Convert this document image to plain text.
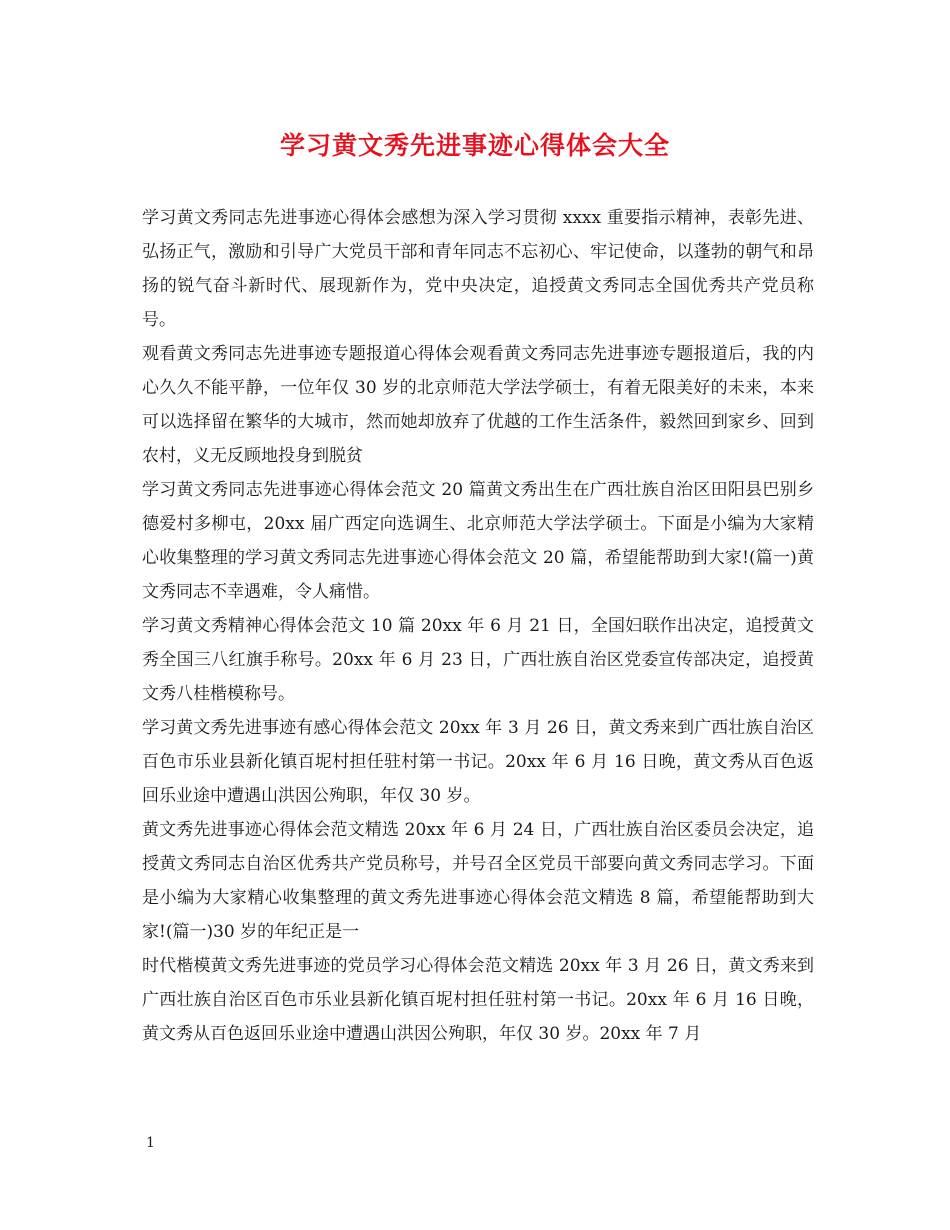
学习黄文秀先进事迹心得体会大全

学习黄文秀同志先进事迹心得体会感想为深入学习贯彻 xxxx 重要指示精神，表彰先进、弘扬正气，激励和引导广大党员干部和青年同志不忘初心、牢记使命，以蓬勃的朝气和昂扬的锐气奋斗新时代、展现新作为，党中央决定，追授黄文秀同志全国优秀共产党员称号。

观看黄文秀同志先进事迹专题报道心得体会观看黄文秀同志先进事迹专题报道后，我的内心久久不能平静，一位年仅 30 岁的北京师范大学法学硕士，有着无限美好的未来，本来可以选择留在繁华的大城市，然而她却放弃了优越的工作生活条件，毅然回到家乡、回到农村，义无反顾地投身到脱贫

学习黄文秀同志先进事迹心得体会范文 20 篇黄文秀出生在广西壮族自治区田阳县巴别乡德爱村多柳屯，20xx 届广西定向选调生、北京师范大学法学硕士。下面是小编为大家精心收集整理的学习黄文秀同志先进事迹心得体会范文 20 篇，希望能帮助到大家!(篇一)黄文秀同志不幸遇难，令人痛惜。

学习黄文秀精神心得体会范文 10 篇 20xx 年 6 月 21 日，全国妇联作出决定，追授黄文秀全国三八红旗手称号。20xx 年 6 月 23 日，广西壮族自治区党委宣传部决定，追授黄文秀八桂楷模称号。

学习黄文秀先进事迹有感心得体会范文 20xx 年 3 月 26 日，黄文秀来到广西壮族自治区百色市乐业县新化镇百坭村担任驻村第一书记。20xx 年 6 月 16 日晚，黄文秀从百色返回乐业途中遭遇山洪因公殉职，年仅 30 岁。

黄文秀先进事迹心得体会范文精选 20xx 年 6 月 24 日，广西壮族自治区委员会决定，追授黄文秀同志自治区优秀共产党员称号，并号召全区党员干部要向黄文秀同志学习。下面是小编为大家精心收集整理的黄文秀先进事迹心得体会范文精选 8 篇，希望能帮助到大家!(篇一)30 岁的年纪正是一

时代楷模黄文秀先进事迹的党员学习心得体会范文精选 20xx 年 3 月 26 日，黄文秀来到广西壮族自治区百色市乐业县新化镇百坭村担任驻村第一书记。20xx 年 6 月 16 日晚，黄文秀从百色返回乐业途中遭遇山洪因公殉职，年仅 30 岁。20xx 年 7 月

1
